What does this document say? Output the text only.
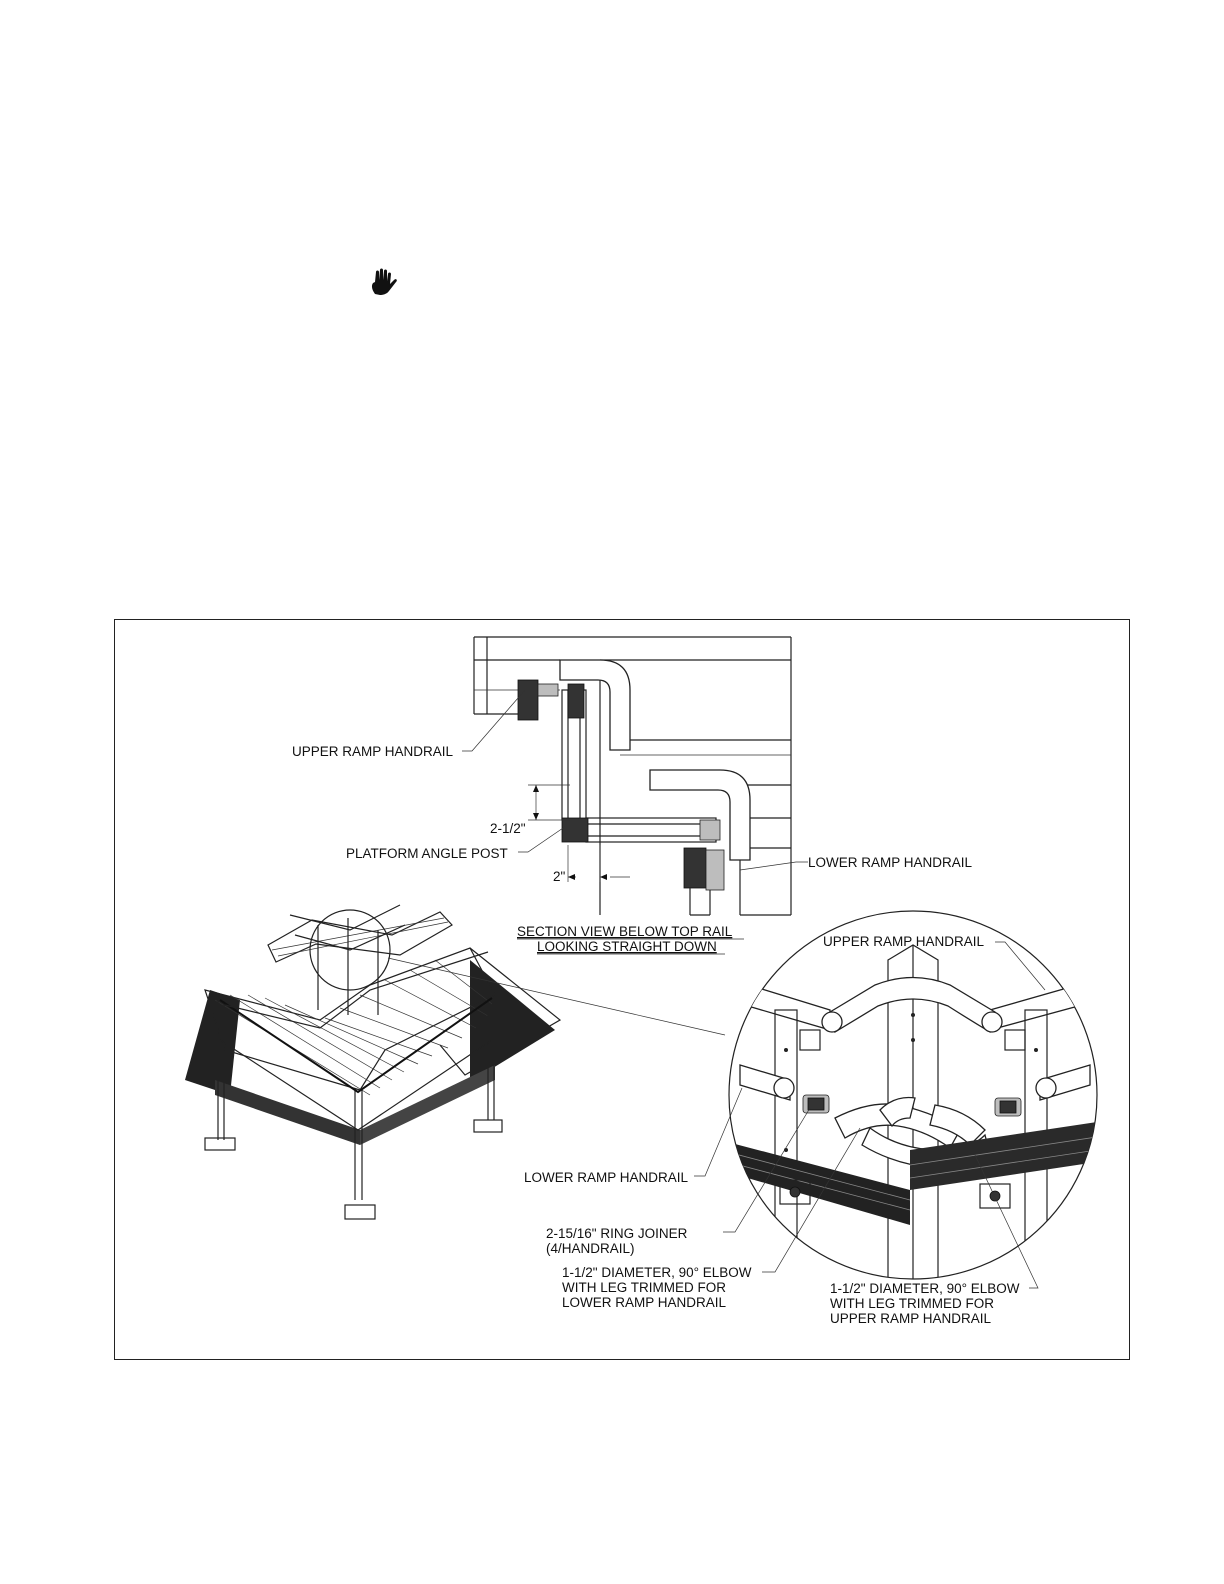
UPPER RAMP HANDRAIL
2-1/2"
PLATFORM ANGLE POST
2"
LOWER RAMP HANDRAIL
SECTION VIEW BELOW TOP RAIL
LOOKING STRAIGHT DOWN	UPPER RAMP HANDRAIL
LOWER RAMP HANDRAIL
2-15/16" RING JOINER
(4/HANDRAIL)
1-1/2" DIAMETER, 90° ELBOW
WITH LEG TRIMMED FOR
LOWER RAMP HANDRAIL
1-1/2" DIAMETER, 90° ELBOW
WITH LEG TRIMMED FOR
UPPER RAMP HANDRAIL
